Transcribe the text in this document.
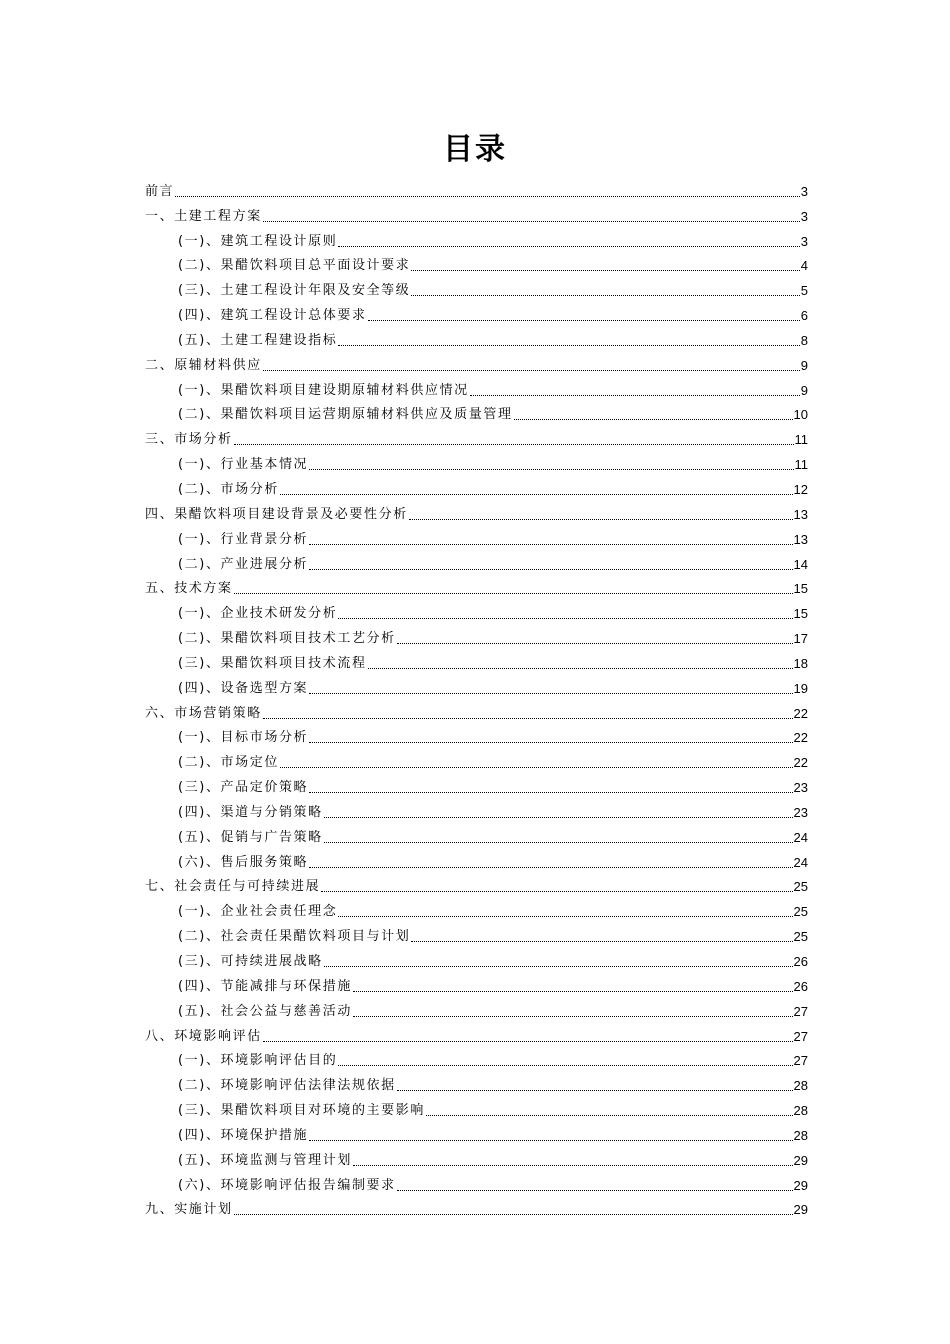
目录
前言	3
一、土建工程方案	3
(一)、建筑工程设计原则	3
(二)、果醋饮料项目总平面设计要求	4
(三)、土建工程设计年限及安全等级	5
(四)、建筑工程设计总体要求	6
(五)、土建工程建设指标	8
二、原辅材料供应	9
(一)、果醋饮料项目建设期原辅材料供应情况	9
(二)、果醋饮料项目运营期原辅材料供应及质量管理	10
三、市场分析	11
(一)、行业基本情况	11
(二)、市场分析	12
四、果醋饮料项目建设背景及必要性分析	13
(一)、行业背景分析	13
(二)、产业进展分析	14
五、技术方案	15
(一)、企业技术研发分析	15
(二)、果醋饮料项目技术工艺分析	17
(三)、果醋饮料项目技术流程	18
(四)、设备选型方案	19
六、市场营销策略	22
(一)、目标市场分析	22
(二)、市场定位	22
(三)、产品定价策略	23
(四)、渠道与分销策略	23
(五)、促销与广告策略	24
(六)、售后服务策略	24
七、社会责任与可持续进展	25
(一)、企业社会责任理念	25
(二)、社会责任果醋饮料项目与计划	25
(三)、可持续进展战略	26
(四)、节能减排与环保措施	26
(五)、社会公益与慈善活动	27
八、环境影响评估	27
(一)、环境影响评估目的	27
(二)、环境影响评估法律法规依据	28
(三)、果醋饮料项目对环境的主要影响	28
(四)、环境保护措施	28
(五)、环境监测与管理计划	29
(六)、环境影响评估报告编制要求	29
九、实施计划	29
